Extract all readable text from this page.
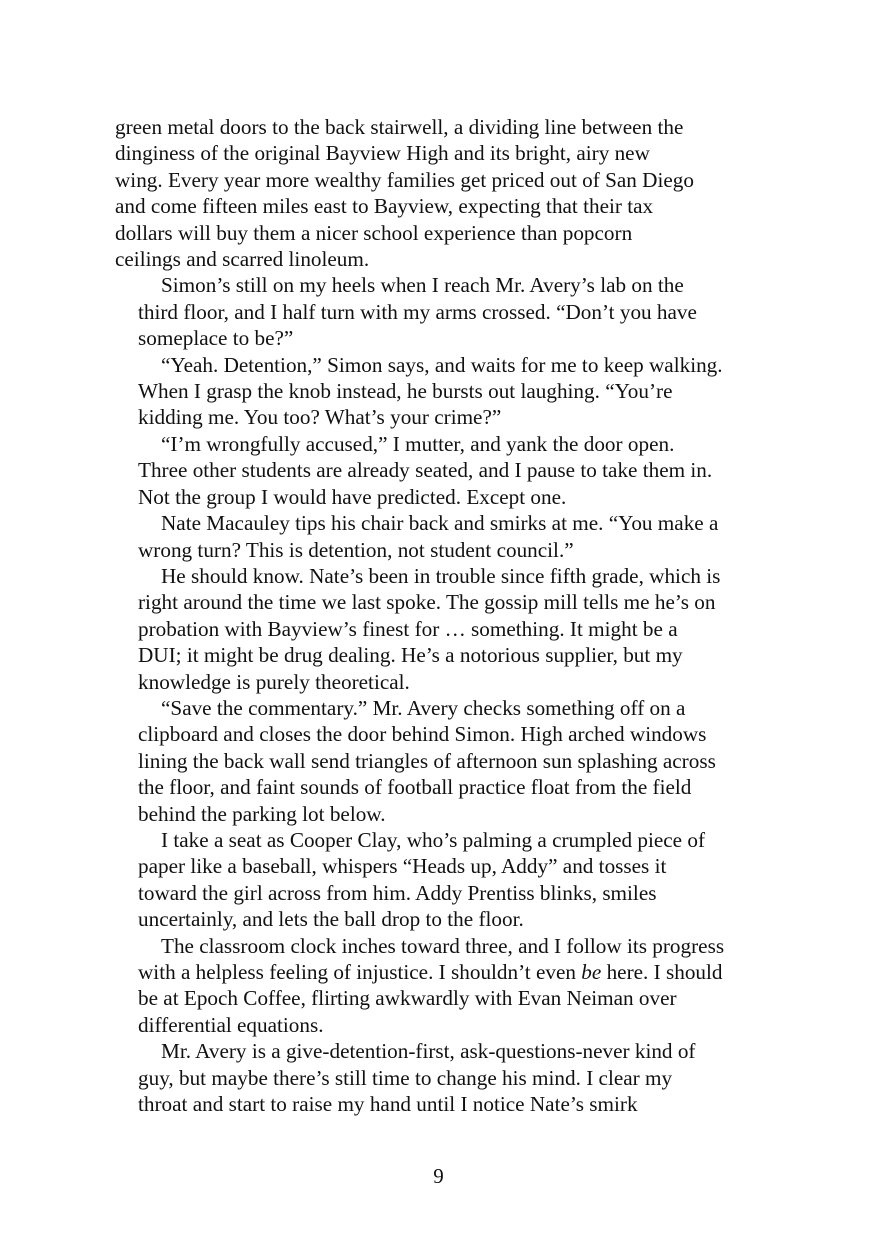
green metal doors to the back stairwell, a dividing line between the
dinginess of the original Bayview High and its bright, airy new
wing. Every year more wealthy families get priced out of San Diego
and come fifteen miles east to Bayview, expecting that their tax
dollars will buy them a nicer school experience than popcorn
ceilings and scarred linoleum.

Simon’s still on my heels when I reach Mr. Avery’s lab on the
third floor, and I half turn with my arms crossed. “Don’t you have
someplace to be?”

“Yeah. Detention,” Simon says, and waits for me to keep walking.
When I grasp the knob instead, he bursts out laughing. “You’re
kidding me. You too? What’s your crime?”

“I’m wrongfully accused,” I mutter, and yank the door open.
Three other students are already seated, and I pause to take them in.
Not the group I would have predicted. Except one.

Nate Macauley tips his chair back and smirks at me. “You make a
wrong turn? This is detention, not student council.”

He should know. Nate’s been in trouble since fifth grade, which is
right around the time we last spoke. The gossip mill tells me he’s on
probation with Bayview’s finest for … something. It might be a
DUI; it might be drug dealing. He’s a notorious supplier, but my
knowledge is purely theoretical.

“Save the commentary.” Mr. Avery checks something off on a
clipboard and closes the door behind Simon. High arched windows
lining the back wall send triangles of afternoon sun splashing across
the floor, and faint sounds of football practice float from the field
behind the parking lot below.

I take a seat as Cooper Clay, who’s palming a crumpled piece of
paper like a baseball, whispers “Heads up, Addy” and tosses it
toward the girl across from him. Addy Prentiss blinks, smiles
uncertainly, and lets the ball drop to the floor.

The classroom clock inches toward three, and I follow its progress
with a helpless feeling of injustice. I shouldn’t even be here. I should
be at Epoch Coffee, flirting awkwardly with Evan Neiman over
differential equations.

Mr. Avery is a give-detention-first, ask-questions-never kind of
guy, but maybe there’s still time to change his mind. I clear my
throat and start to raise my hand until I notice Nate’s smirk

9
